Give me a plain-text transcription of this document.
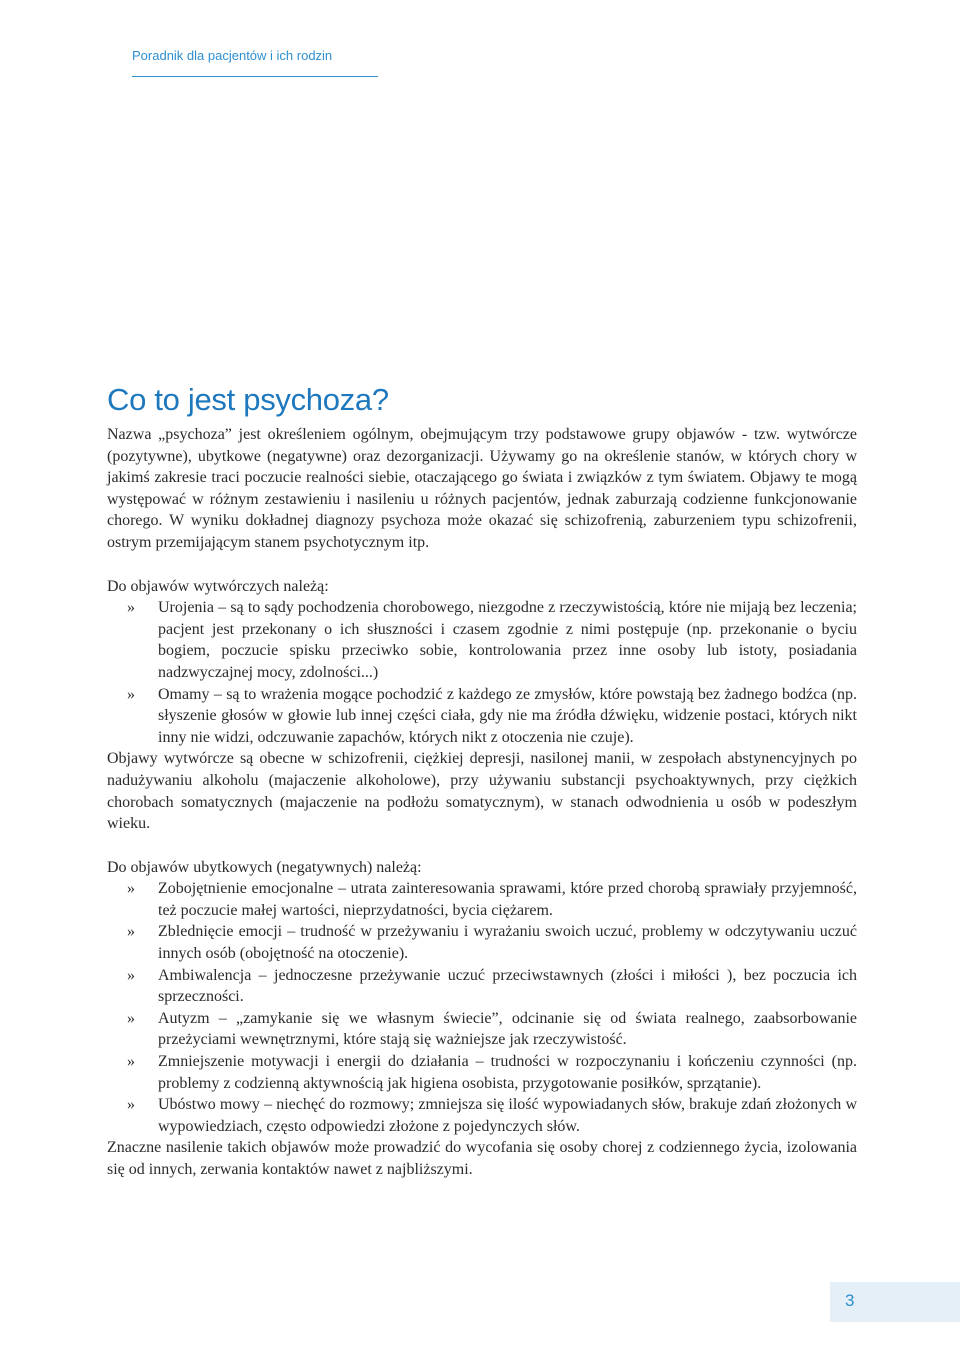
Poradnik dla pacjentów i ich rodzin
Co to jest psychoza?

Nazwa „psychoza” jest określeniem ogólnym, obejmującym trzy podstawowe grupy objawów - tzw. wytwórcze (pozytywne), ubytkowe (negatywne) oraz dezorganizacji. Używamy go na określenie stanów, w których chory w jakimś zakresie traci poczucie realności siebie, otaczającego go świata i związków z tym światem. Objawy te mogą występować w różnym zestawieniu i nasileniu u różnych pacjentów, jednak zaburzają codzienne funkcjonowanie chorego. W wyniku dokładnej diagnozy psychoza może okazać się schizofrenią, zaburzeniem typu schizofrenii, ostrym przemijającym stanem psychotycznym itp.

Do objawów wytwórczych należą:

» Urojenia – są to sądy pochodzenia chorobowego, niezgodne z rzeczywistością, które nie mijają bez leczenia; pacjent jest przekonany o ich słuszności i czasem zgodnie z nimi postępuje (np. przekonanie o byciu bogiem, poczucie spisku przeciwko sobie, kontrolowania przez inne osoby lub istoty, posiadania nadzwyczajnej mocy, zdolności...)
» Omamy – są to wrażenia mogące pochodzić z każdego ze zmysłów, które powstają bez żadnego bodźca (np. słyszenie głosów w głowie lub innej części ciała, gdy nie ma źródła dźwięku, widzenie postaci, których nikt inny nie widzi, odczuwanie zapachów, których nikt z otoczenia nie czuje).

Objawy wytwórcze są obecne w schizofrenii, ciężkiej depresji, nasilonej manii, w zespołach abstynencyjnych po nadużywaniu alkoholu (majaczenie alkoholowe), przy używaniu substancji psychoaktywnych, przy ciężkich chorobach somatycznych (majaczenie na podłożu somatycznym), w stanach odwodnienia u osób w podeszłym wieku.

Do objawów ubytkowych (negatywnych) należą:

» Zobojętnienie emocjonalne – utrata zainteresowania sprawami, które przed chorobą sprawiały przyjemność, też poczucie małej wartości, nieprzydatności, bycia ciężarem.
» Zblednięcie emocji – trudność w przeżywaniu i wyrażaniu swoich uczuć, problemy w odczytywaniu uczuć innych osób (obojętność na otoczenie).
» Ambiwalencja – jednoczesne przeżywanie uczuć przeciwstawnych (złości i miłości ), bez poczucia ich sprzeczności.
» Autyzm – „zamykanie się we własnym świecie”, odcinanie się od świata realnego, zaabsorbowanie przeżyciami wewnętrznymi, które stają się ważniejsze jak rzeczywistość.
» Zmniejszenie motywacji i energii do działania – trudności w rozpoczynaniu i kończeniu czynności (np. problemy z codzienną aktywnością jak higiena osobista, przygotowanie posiłków, sprzątanie).
» Ubóstwo mowy – niechęć do rozmowy; zmniejsza się ilość wypowiadanych słów, brakuje zdań złożonych w wypowiedziach, często odpowiedzi złożone z pojedynczych słów.

Znaczne nasilenie takich objawów może prowadzić do wycofania się osoby chorej z codziennego życia, izolowania się od innych, zerwania kontaktów nawet z najbliższymi.

3
